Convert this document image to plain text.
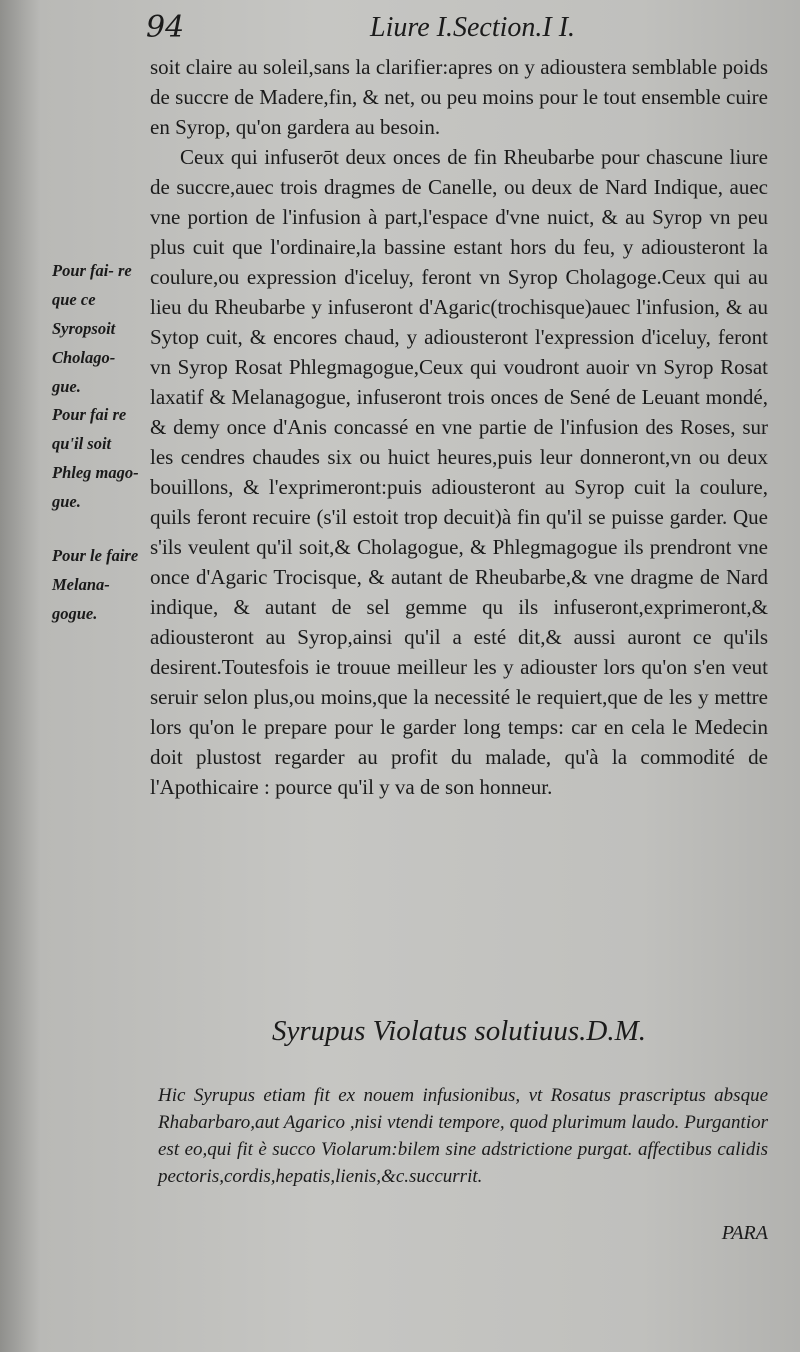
94	Liure I.Section.I I.
Pour fai- re que ce Syropsoit Cholago- gue.
Pour fai re qu'il soit Phleg mago- gue.
Pour le faire Melana- gogue.

soit claire au soleil,sans la clarifier:apres on y adioustera semblable poids de succre de Madere,fin, & net, ou peu moins pour le tout ensemble cuire en Syrop, qu'on gardera au besoin.

Ceux qui infuserōt deux onces de fin Rheubarbe pour chascune liure de succre,auec trois dragmes de Canelle, ou deux de Nard Indique, auec vne portion de l'infusion à part,l'espace d'vne nuict, & au Syrop vn peu plus cuit que l'ordinaire,la bassine estant hors du feu, y adiousteront la coulure,ou expression d'iceluy, feront vn Syrop Cholagoge.Ceux qui au lieu du Rheubarbe y infuseront d'Agaric(trochisque)auec l'infusion, & au Sytop cuit, & encores chaud, y adiousteront l'expression d'iceluy, feront vn Syrop Rosat Phlegmagogue,Ceux qui voudront auoir vn Syrop Rosat laxatif & Melanagogue, infuseront trois onces de Sené de Leuant mondé, & demy once d'Anis concassé en vne partie de l'infusion des Roses, sur les cendres chaudes six ou huict heures,puis leur donneront,vn ou deux bouillons, & l'exprimeront:puis adiousteront au Syrop cuit la coulure, quils feront recuire (s'il estoit trop decuit)à fin qu'il se puisse garder. Que s'ils veulent qu'il soit,& Cholagogue, & Phlegmagogue ils prendront vne once d'Agaric Trocisque, & autant de Rheubarbe,& vne dragme de Nard indique, & autant de sel gemme qu ils infuseront,exprimeront,& adiousteront au Syrop,ainsi qu'il a esté dit,& aussi auront ce qu'ils desirent.Toutesfois ie trouue meilleur les y adiouster lors qu'on s'en veut seruir selon plus,ou moins,que la necessité le requiert,que de les y mettre lors qu'on le prepare pour le garder long temps: car en cela le Medecin doit plustost regarder au profit du malade, qu'à la commodité de l'Apothicaire : pource qu'il y va de son honneur.

Syrupus Violatus solutiuus.D.M.
Hic Syrupus etiam fit ex nouem infusionibus, vt Rosatus prascriptus absque Rhabarbaro,aut Agarico ,nisi vtendi tempore, quod plurimum laudo. Purgantior est eo,qui fit è succo Violarum:bilem sine adstrictione purgat. affectibus calidis pectoris,cordis,hepatis,lienis,&c.succurrit.
PARA
